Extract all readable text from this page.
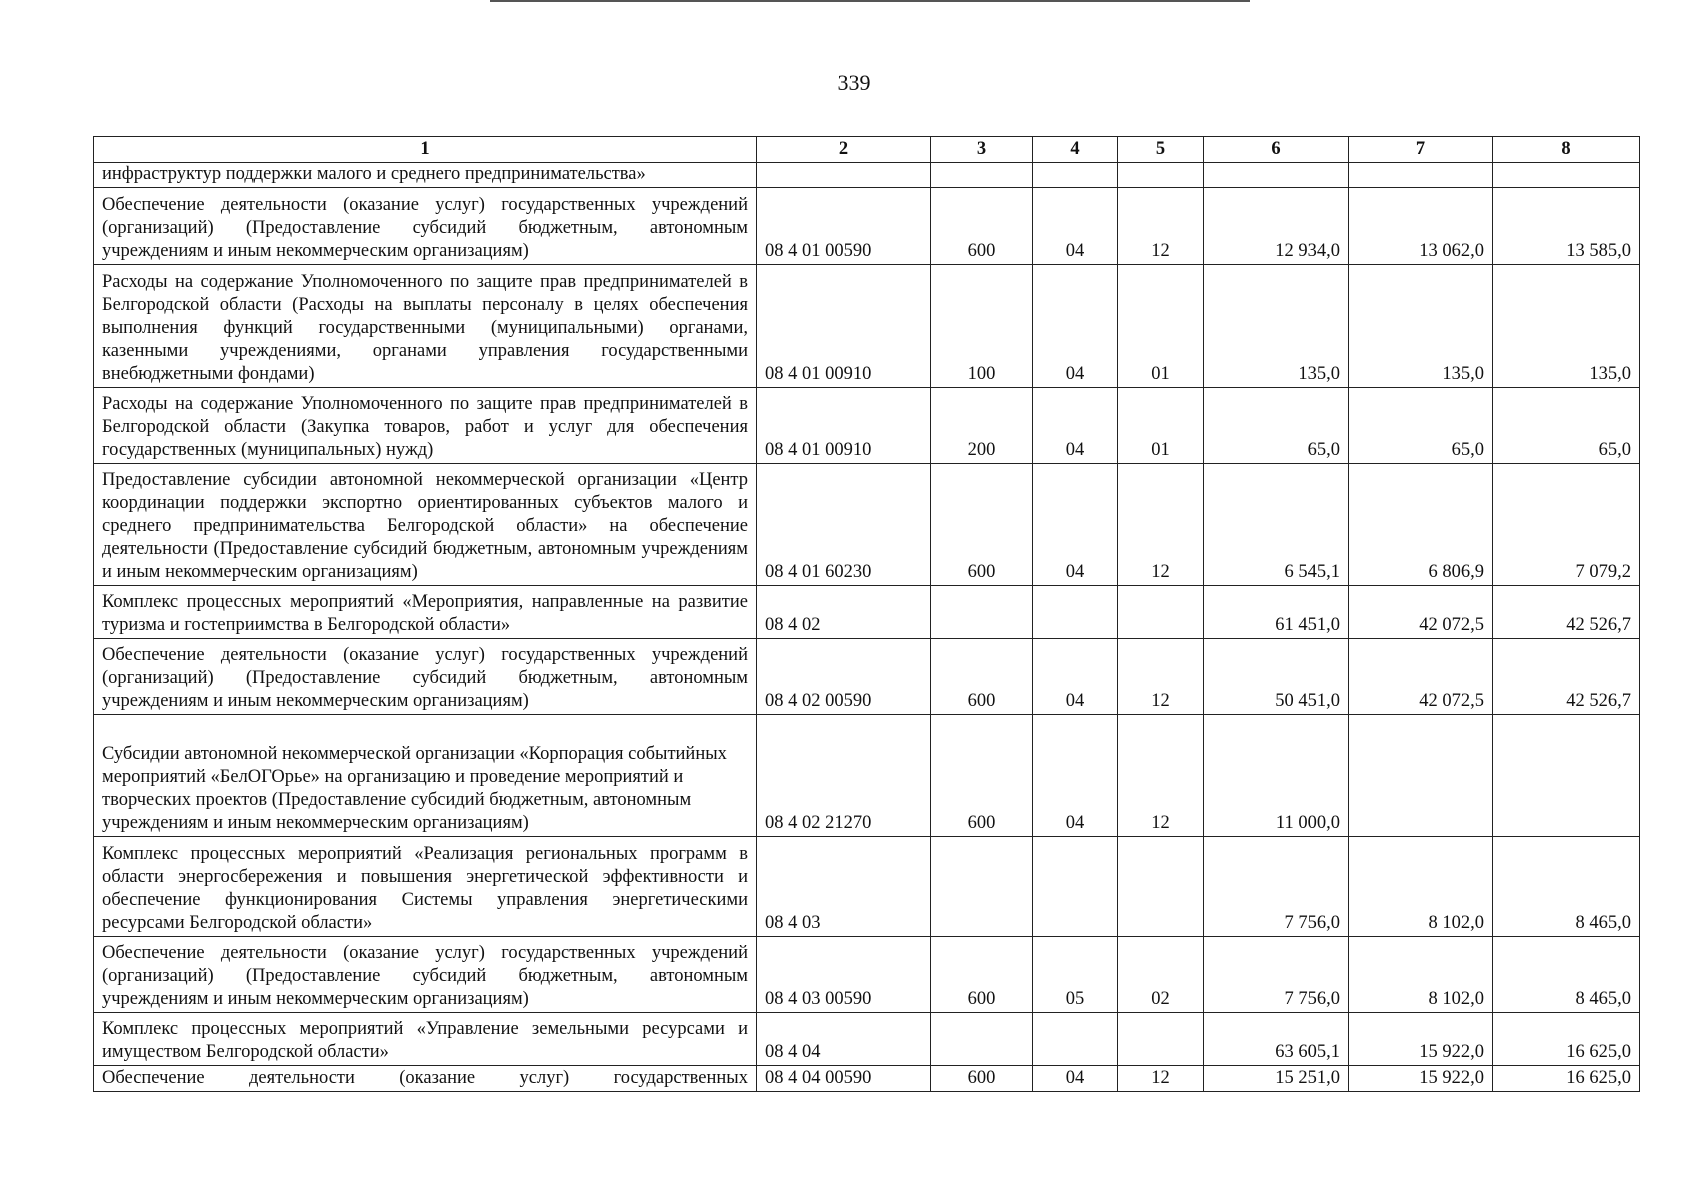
339
1	2	3	4	5	6	7	8
инфраструктур поддержки малого и среднего предпринимательства»							
Обеспечение деятельности (оказание услуг) государственных учреждений (организаций) (Предоставление субсидий бюджетным, автономным учреждениям и иным некоммерческим организациям)	08 4 01 00590	600	04	12	12 934,0	13 062,0	13 585,0
Расходы на содержание Уполномоченного по защите прав предпринимателей в Белгородской области (Расходы на выплаты персоналу в целях обеспечения выполнения функций государственными (муниципальными) органами, казенными учреждениями, органами управления государственными внебюджетными фондами)	08 4 01 00910	100	04	01	135,0	135,0	135,0
Расходы на содержание Уполномоченного по защите прав предпринимателей в Белгородской области (Закупка товаров, работ и услуг для обеспечения государственных (муниципальных) нужд)	08 4 01 00910	200	04	01	65,0	65,0	65,0
Предоставление субсидии автономной некоммерческой организации «Центр координации поддержки экспортно ориентированных субъектов малого и среднего предпринимательства Белгородской области» на обеспечение деятельности (Предоставление субсидий бюджетным, автономным учреждениям и иным некоммерческим организациям)	08 4 01 60230	600	04	12	6 545,1	6 806,9	7 079,2
Комплекс процессных мероприятий «Мероприятия, направленные на развитие туризма и гостеприимства в Белгородской области»	08 4 02				61 451,0	42 072,5	42 526,7
Обеспечение деятельности (оказание услуг) государственных учреждений (организаций) (Предоставление субсидий бюджетным, автономным учреждениям и иным некоммерческим организациям)	08 4 02 00590	600	04	12	50 451,0	42 072,5	42 526,7
Субсидии автономной некоммерческой организации «Корпорация событийных мероприятий «БелОГОрье» на организацию и проведение мероприятий и творческих проектов (Предоставление субсидий бюджетным, автономным учреждениям и иным некоммерческим организациям)	08 4 02 21270	600	04	12	11 000,0		
Комплекс процессных мероприятий «Реализация региональных программ в области энергосбережения и повышения энергетической эффективности и обеспечение функционирования Системы управления энергетическими ресурсами Белгородской области»	08 4 03				7 756,0	8 102,0	8 465,0
Обеспечение деятельности (оказание услуг) государственных учреждений (организаций) (Предоставление субсидий бюджетным, автономным учреждениям и иным некоммерческим организациям)	08 4 03 00590	600	05	02	7 756,0	8 102,0	8 465,0
Комплекс процессных мероприятий «Управление земельными ресурсами и имуществом Белгородской области»	08 4 04				63 605,1	15 922,0	16 625,0
Обеспечение деятельности (оказание услуг) государственных	08 4 04 00590	600	04	12	15 251,0	15 922,0	16 625,0
